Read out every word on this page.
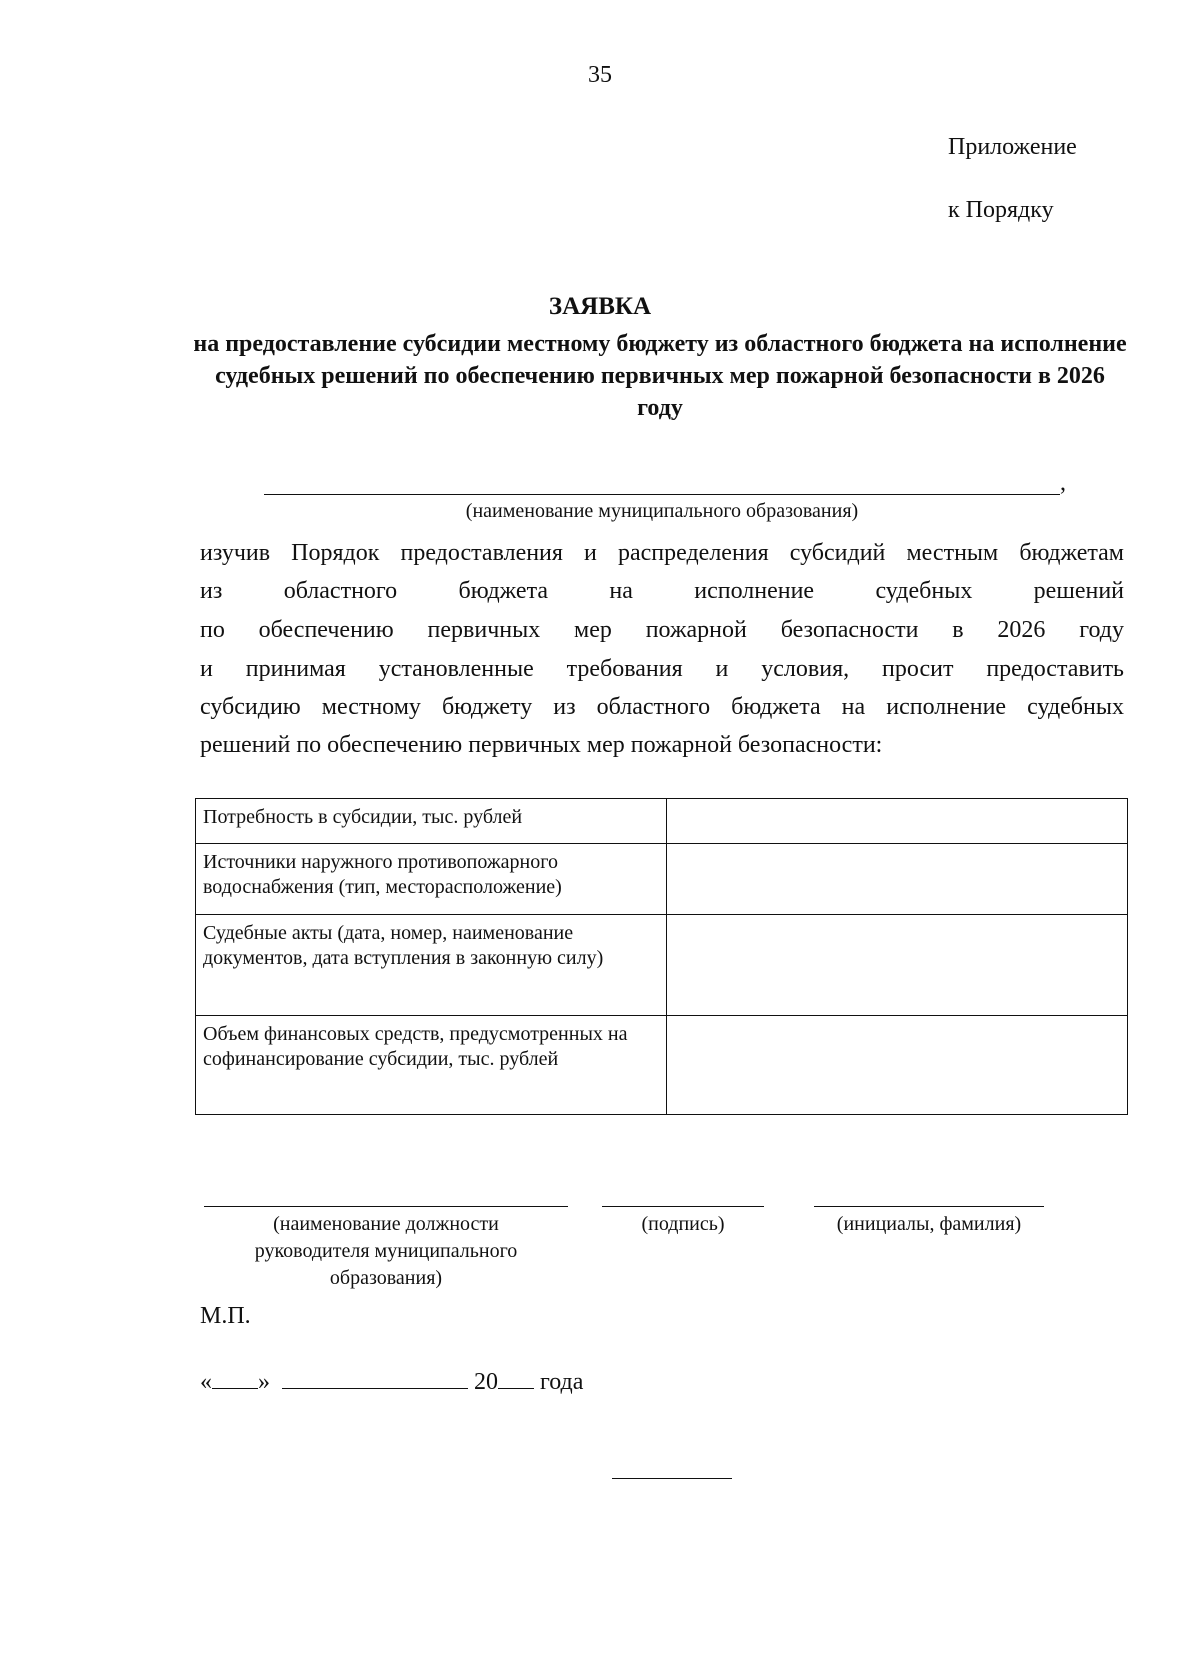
35
Приложение
к Порядку
ЗАЯВКА
на предоставление субсидии местному бюджету из областного бюджета на исполнение судебных решений по обеспечению первичных мер пожарной безопасности в 2026 году
,
(наименование муниципального образования)
изучив Порядок предоставления и распределения субсидий местным бюджетам
из областного бюджета на исполнение судебных решений
по обеспечению первичных мер пожарной безопасности в 2026 году
и принимая установленные требования и условия, просит предоставить
субсидию местному бюджету из областного бюджета на исполнение судебных
решений по обеспечению первичных мер пожарной безопасности:
Потребность в субсидии, тыс. рублей	
Источники наружного противопожарного водоснабжения (тип, месторасположение)	
Судебные акты (дата, номер, наименование документов, дата вступления в законную силу)	
Объем финансовых средств, предусмотренных на софинансирование субсидии, тыс. рублей	
(наименование должности руководителя муниципального образования)
(подпись)	(инициалы, фамилия)
М.П.
« »	20 года
